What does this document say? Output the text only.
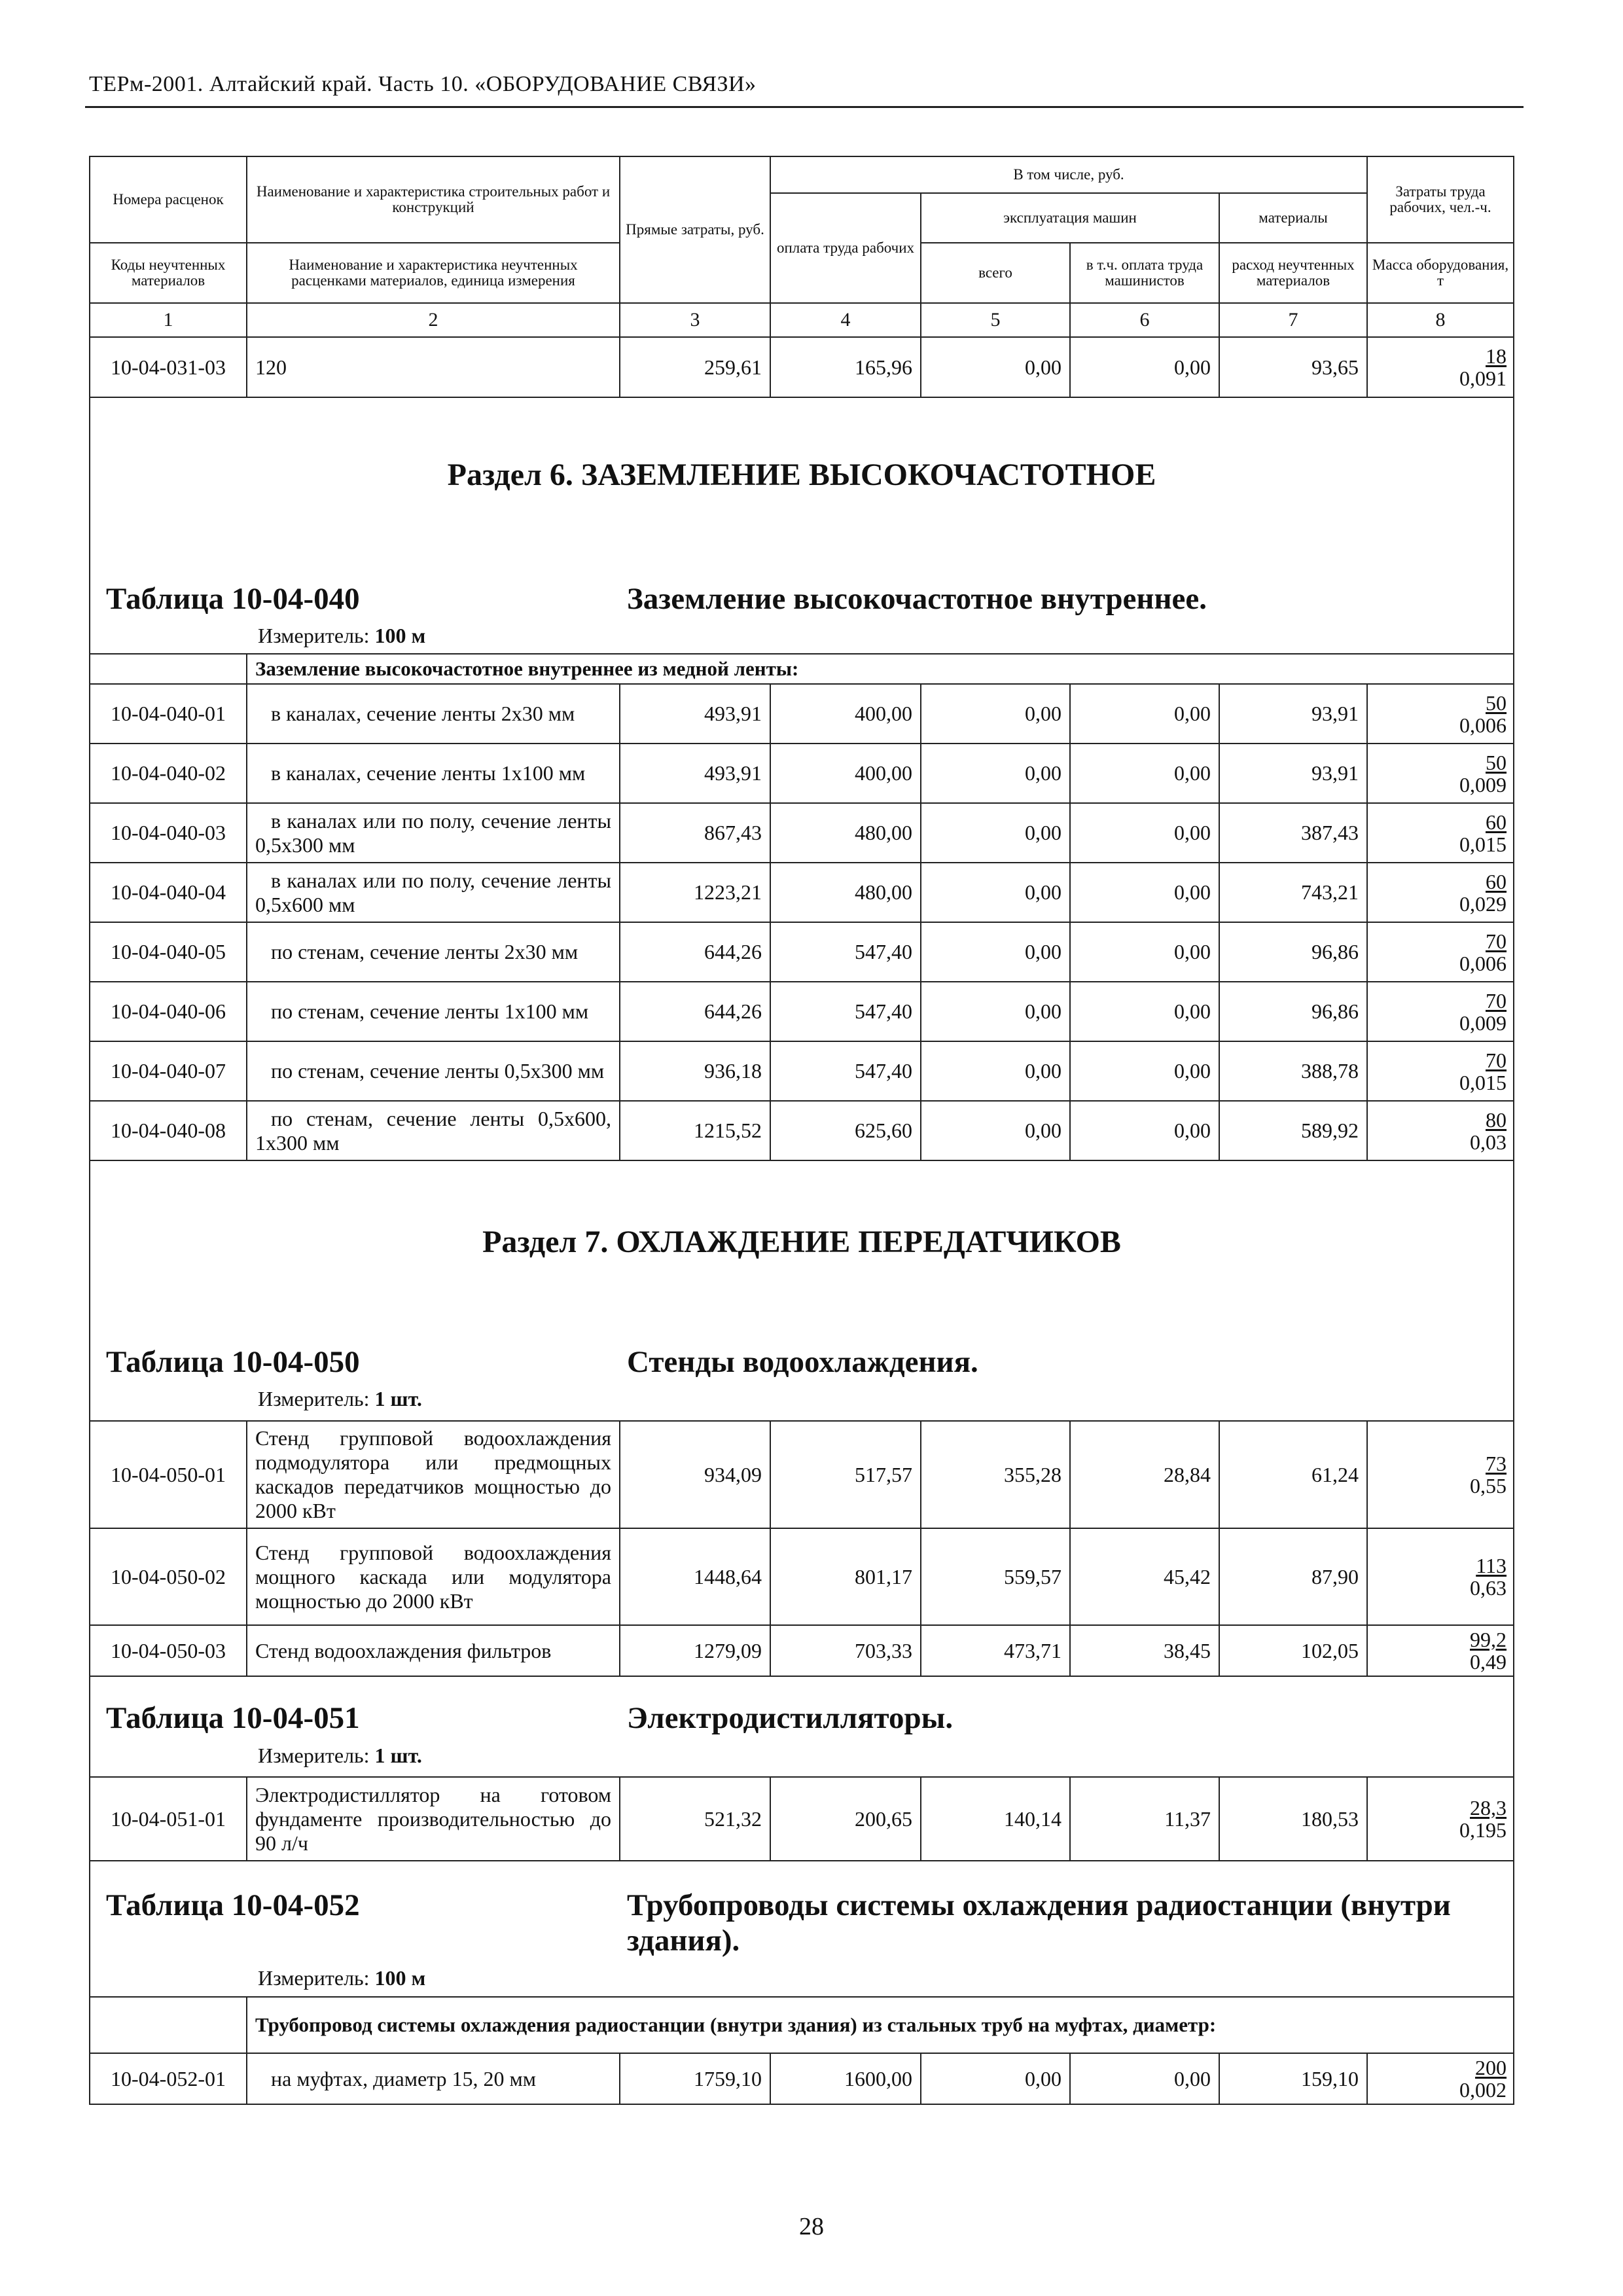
ТЕРм-2001. Алтайский край. Часть 10. «ОБОРУДОВАНИЕ СВЯЗИ»
Номера расценок	Наименование и характеристика строительных работ и конструкций	Прямые затраты, руб.	В том числе, руб.				Затраты труда рабочих, чел.-ч.
			оплата труда рабочих	эксплуатация машин		материалы	
Коды неучтенных материалов	Наименование и характеристика неучтенных расценками материалов, единица измерения			всего	в т.ч. оплата труда машинистов	расход неучтенных материалов	Масса оборудования, т
1	2	3	4	5	6	7	8
10-04-031-03	120	259,61	165,96	0,00	0,00	93,65	18
0,091

Раздел 6. ЗАЗЕМЛЕНИЕ ВЫСОКОЧАСТОТНОЕ
Таблица 10-04-040 Заземление высокочастотное внутреннее.
Измеритель: 100 м							

	Заземление высокочастотное внутреннее из медной ленты:						
10-04-040-01	в каналах, сечение ленты 2х30 мм	493,91	400,00	0,00	0,00	93,91	50
0,006

10-04-040-02	в каналах, сечение ленты 1х100 мм	493,91	400,00	0,00	0,00	93,91	50
0,009

10-04-040-03	в каналах или по полу, сечение ленты 0,5х300 мм	867,43	480,00	0,00	0,00	387,43	60
0,015

10-04-040-04	в каналах или по полу, сечение ленты 0,5х600 мм	1223,21	480,00	0,00	0,00	743,21	60
0,029

10-04-040-05	по стенам, сечение ленты 2х30 мм	644,26	547,40	0,00	0,00	96,86	70
0,006

10-04-040-06	по стенам, сечение ленты 1х100 мм	644,26	547,40	0,00	0,00	96,86	70
0,009

10-04-040-07	по стенам, сечение ленты 0,5х300 мм	936,18	547,40	0,00	0,00	388,78	70
0,015

10-04-040-08	по стенам, сечение ленты 0,5х600, 1х300 мм	1215,52	625,60	0,00	0,00	589,92	80
0,03

Раздел 7. ОХЛАЖДЕНИЕ ПЕРЕДАТЧИКОВ
Таблица 10-04-050 Стенды водоохлаждения.
Измеритель: 1 шт.							

10-04-050-01	Стенд групповой водоохлаждения подмодулятора или предмощных каскадов передатчиков мощностью до 2000 кВт	934,09	517,57	355,28	28,84	61,24	73
0,55

10-04-050-02	Стенд групповой водоохлаждения мощного каскада или модулятора мощностью до 2000 кВт	1448,64	801,17	559,57	45,42	87,90	113
0,63

10-04-050-03	Стенд водоохлаждения фильтров	1279,09	703,33	473,71	38,45	102,05	99,2
0,49

Таблица 10-04-051 Электродистилляторы.
Измеритель: 1 шт.							

10-04-051-01	Электродистиллятор на готовом фундаменте производительностью до 90 л/ч	521,32	200,65	140,14	11,37	180,53	28,3
0,195

Таблица 10-04-052 Трубопроводы системы охлаждения радиостанции (внутри здания).
Измеритель: 100 м							

	Трубопровод системы охлаждения радиостанции (внутри здания) из стальных труб на муфтах, диаметр:						
10-04-052-01	на муфтах, диаметр 15, 20 мм	1759,10	1600,00	0,00	0,00	159,10	200
0,002
28
